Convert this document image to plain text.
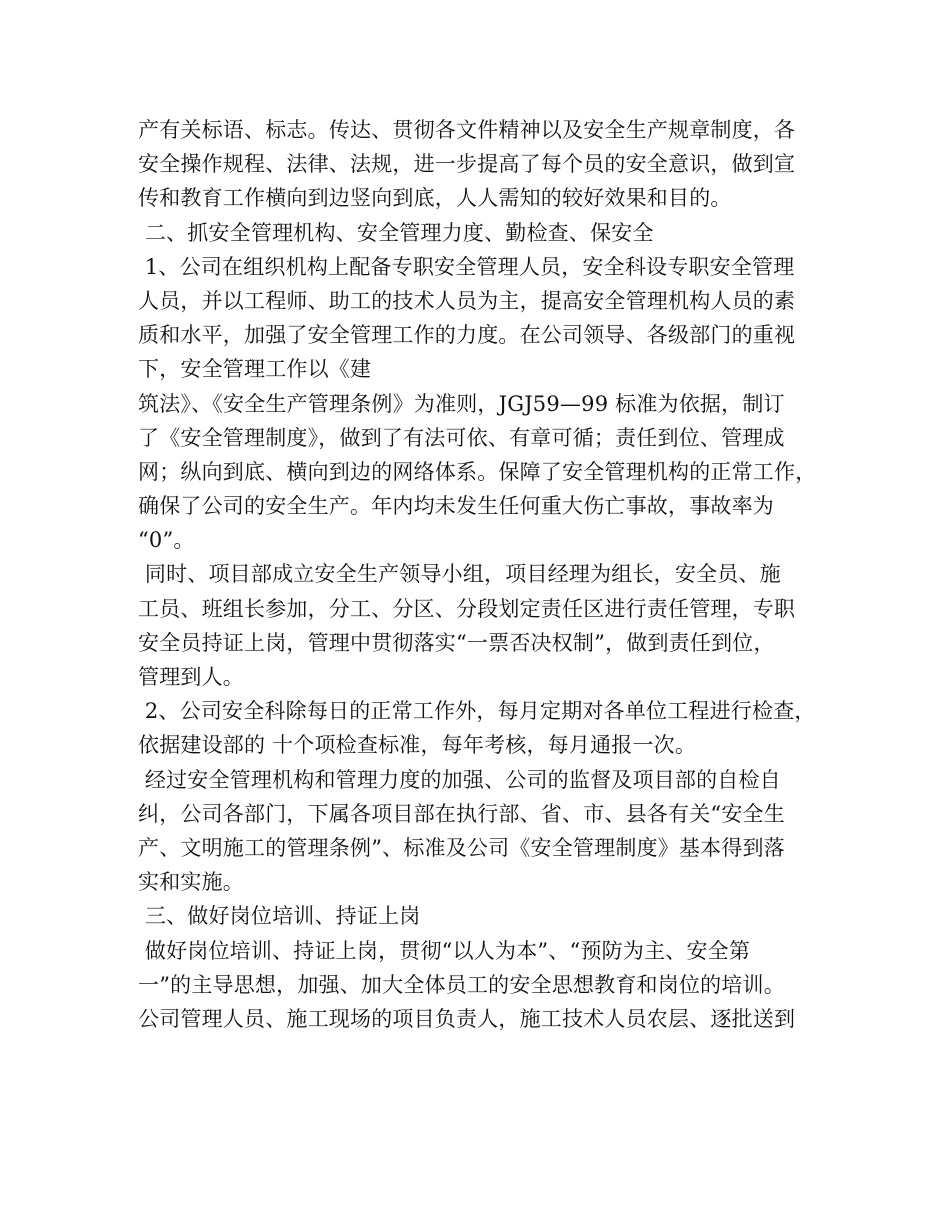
产有关标语、标志。传达、贯彻各文件精神以及安全生产规章制度，各
安全操作规程、法律、法规，进一步提高了每个员的安全意识，做到宣
传和教育工作横向到边竖向到底，人人需知的较好效果和目的。
二、抓安全管理机构、安全管理力度、勤检查、保安全
1、公司在组织机构上配备专职安全管理人员，安全科设专职安全管理
人员，并以工程师、助工的技术人员为主，提高安全管理机构人员的素
质和水平，加强了安全管理工作的力度。在公司领导、各级部门的重视
下，安全管理工作以《建
筑法》、《安全生产管理条例》为准则，JGJ59—99 标准为依据，制订
了《安全管理制度》，做到了有法可依、有章可循；责任到位、管理成
网；纵向到底、横向到边的网络体系。保障了安全管理机构的正常工作，
确保了公司的安全生产。年内均未发生任何重大伤亡事故，事故率为
“0”。
同时、项目部成立安全生产领导小组，项目经理为组长，安全员、施
工员、班组长参加，分工、分区、分段划定责任区进行责任管理，专职
安全员持证上岗，管理中贯彻落实“一票否决权制”，做到责任到位，
管理到人。
2、公司安全科除每日的正常工作外，每月定期对各单位工程进行检查，
依据建设部的 十个项检查标准，每年考核，每月通报一次。
经过安全管理机构和管理力度的加强、公司的监督及项目部的自检自
纠，公司各部门，下属各项目部在执行部、省、市、县各有关“安全生
产、文明施工的管理条例”、标准及公司《安全管理制度》基本得到落
实和实施。
三、做好岗位培训、持证上岗
做好岗位培训、持证上岗，贯彻“以人为本”、“预防为主、安全第
一”的主导思想，加强、加大全体员工的安全思想教育和岗位的培训。
公司管理人员、施工现场的项目负责人，施工技术人员农层、逐批送到
